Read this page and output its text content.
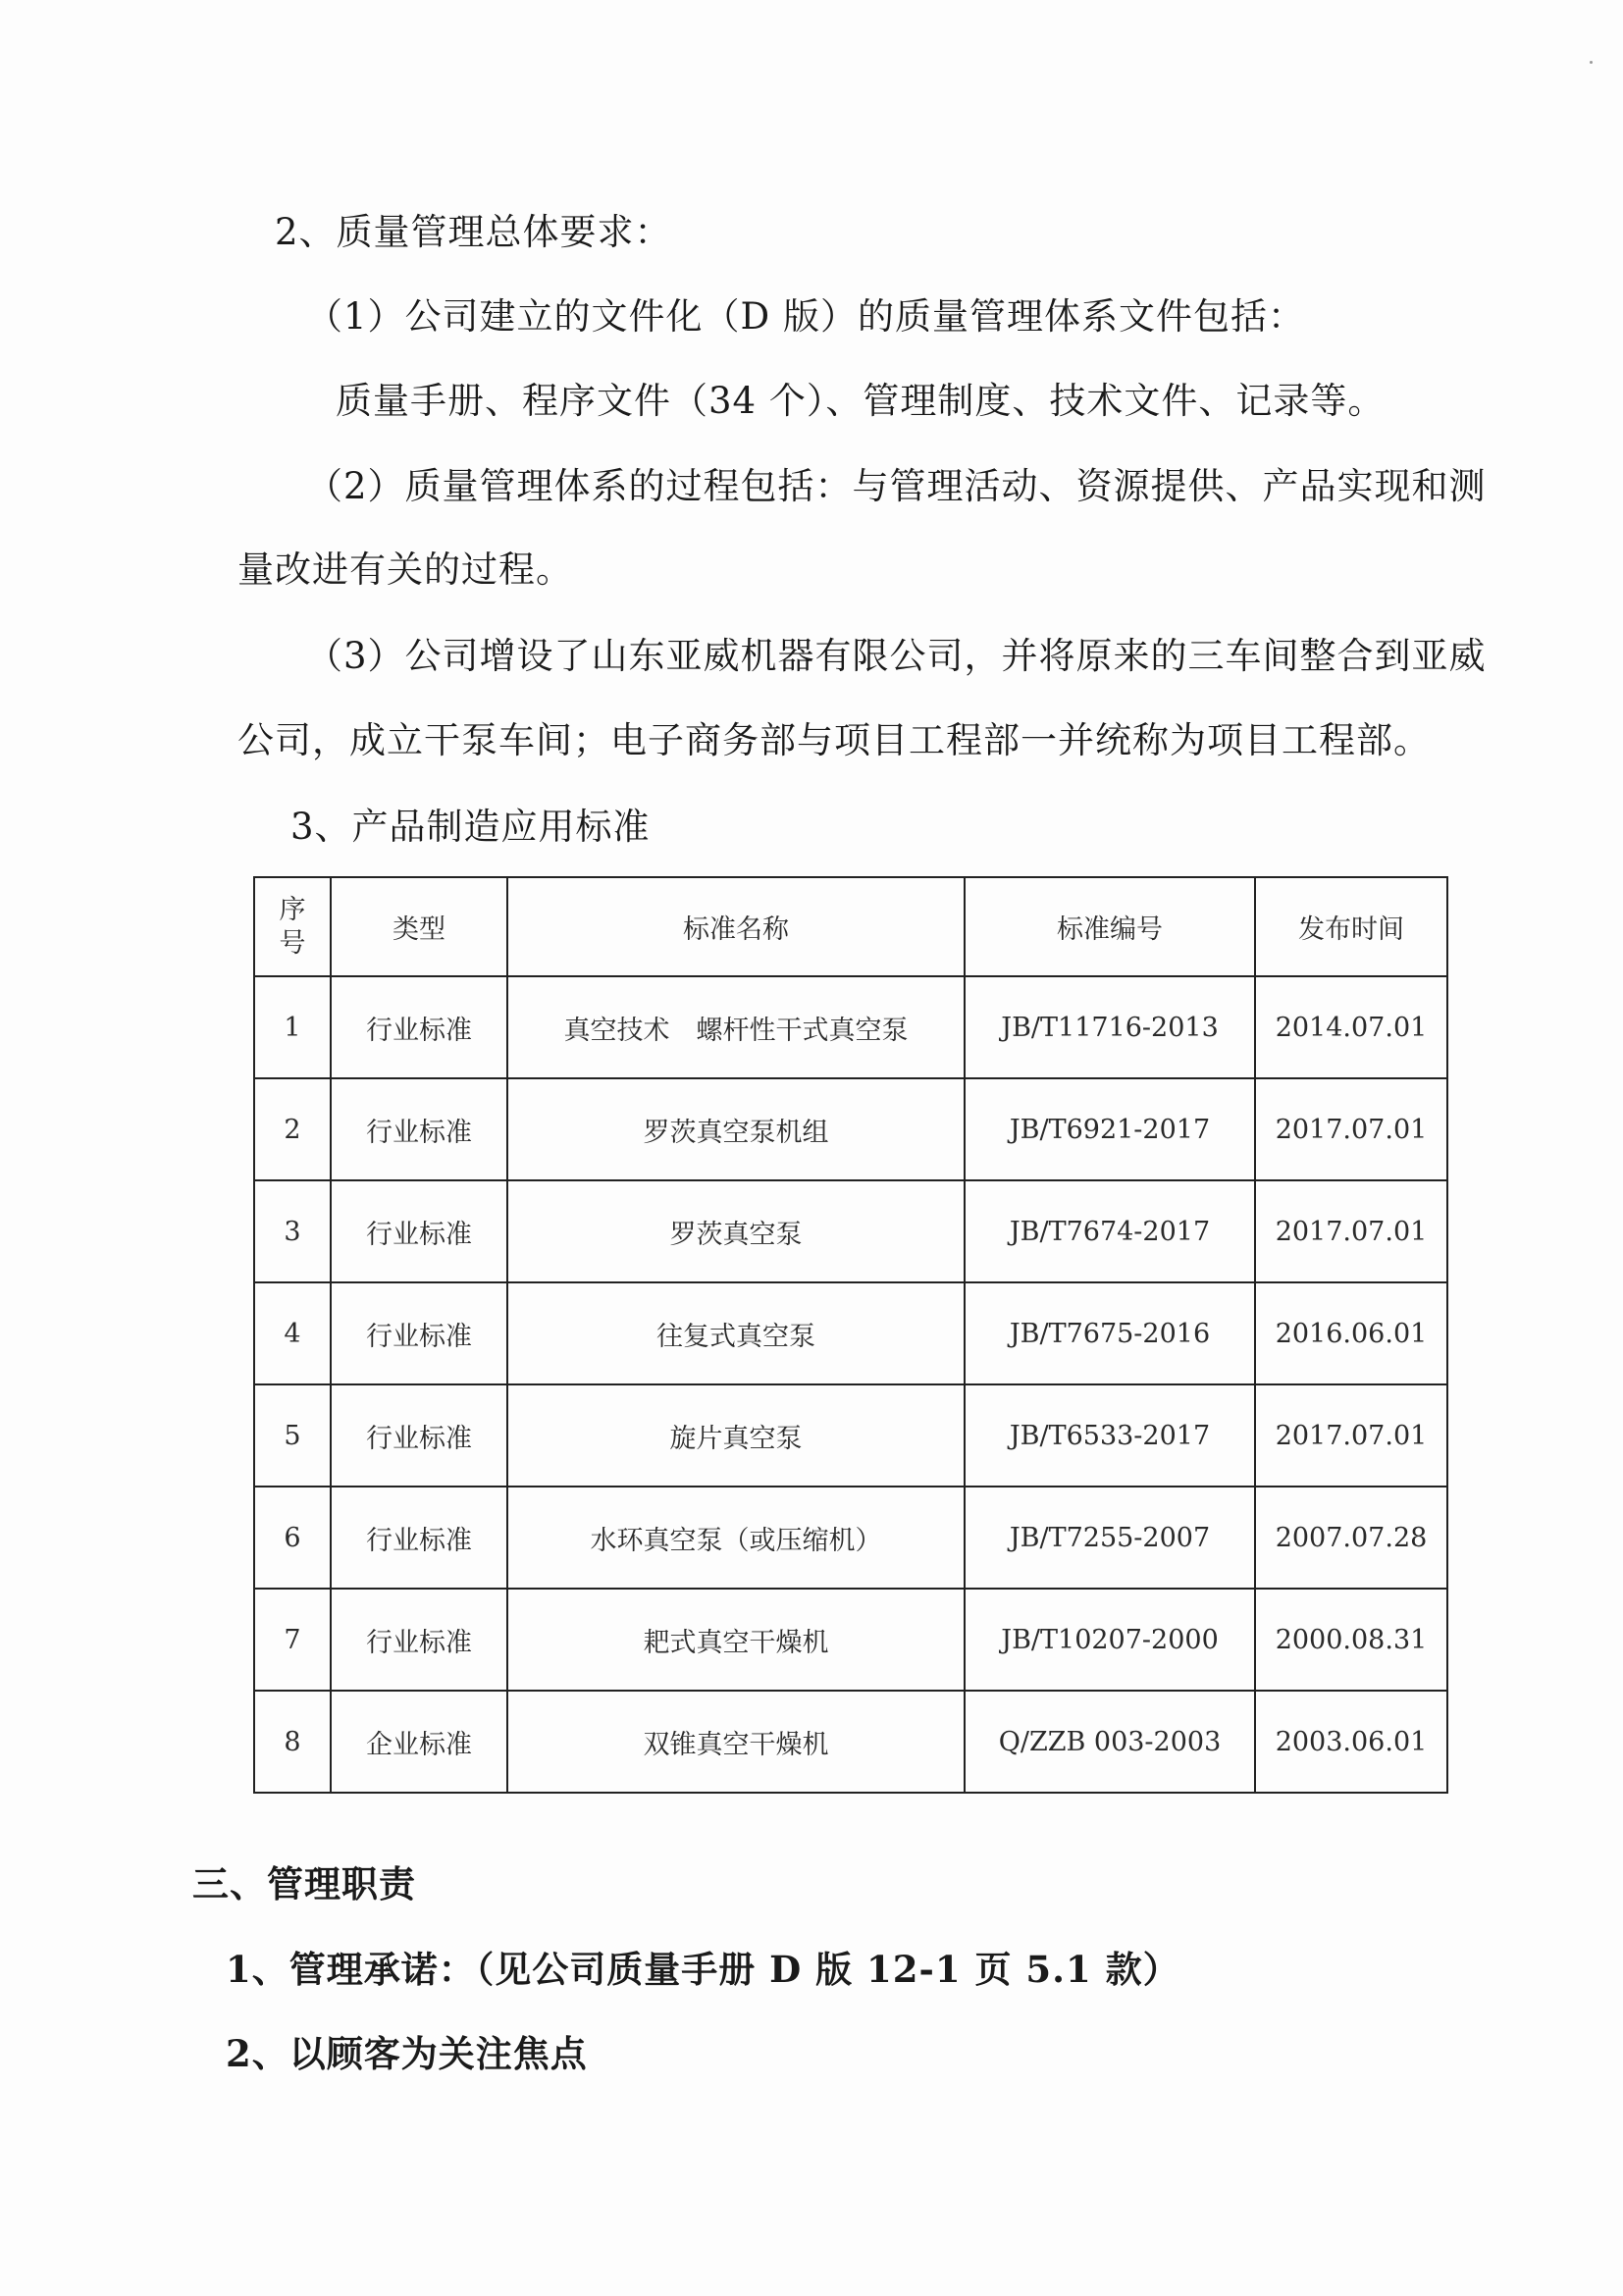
2、质量管理总体要求：
（1）公司建立的文件化（D 版）的质量管理体系文件包括：
质量手册、程序文件（34 个）、管理制度、技术文件、记录等。
（2）质量管理体系的过程包括：与管理活动、资源提供、产品实现和测
量改进有关的过程。
（3）公司增设了山东亚威机器有限公司，并将原来的三车间整合到亚威
公司，成立干泵车间；电子商务部与项目工程部一并统称为项目工程部。
3、产品制造应用标准
序
号	类型	标准名称	标准编号	发布时间
1	行业标准	真空技术　螺杆性干式真空泵	JB/T11716-2013	2014.07.01
2	行业标准	罗茨真空泵机组	JB/T6921-2017	2017.07.01
3	行业标准	罗茨真空泵	JB/T7674-2017	2017.07.01
4	行业标准	往复式真空泵	JB/T7675-2016	2016.06.01
5	行业标准	旋片真空泵	JB/T6533-2017	2017.07.01
6	行业标准	水环真空泵（或压缩机）	JB/T7255-2007	2007.07.28
7	行业标准	耙式真空干燥机	JB/T10207-2000	2000.08.31
8	企业标准	双锥真空干燥机	Q/ZZB 003-2003	2003.06.01
三、管理职责
1、管理承诺：（见公司质量手册 D 版 12-1 页 5.1 款）
2、以顾客为关注焦点
